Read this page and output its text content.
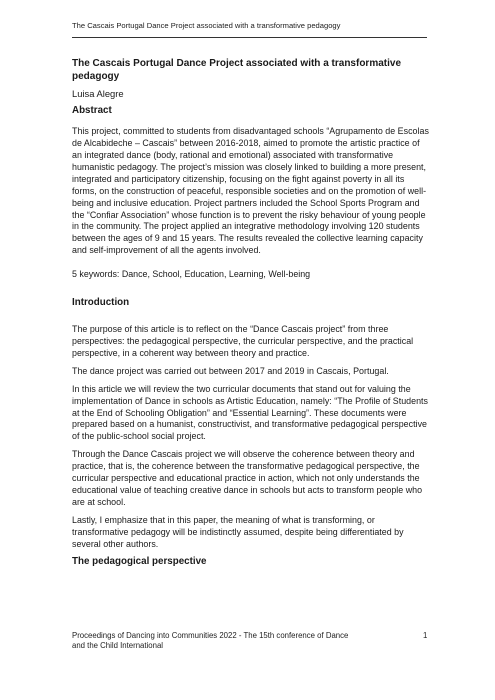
The Cascais Portugal Dance Project associated with a transformative pedagogy
The Cascais Portugal Dance Project associated with a transformative pedagogy
Luisa Alegre
Abstract
This project, committed to students from disadvantaged schools “Agrupamento de Escolas de Alcabideche – Cascais” between 2016-2018, aimed to promote the artistic practice of an integrated dance (body, rational and emotional) associated with transformative humanistic pedagogy. The project’s mission was closely linked to building a more present, integrated and participatory citizenship, focusing on the fight against poverty in all its forms, on the construction of peaceful, responsible societies and on the promotion of well-being and inclusive education. Project partners included the School Sports Program and the “Confiar Association” whose function is to prevent the risky behaviour of young people in the community. The project applied an integrative methodology involving 120 students between the ages of 9 and 15 years. The results revealed the collective learning capacity and self-improvement of all the agents involved.
5 keywords: Dance, School, Education, Learning, Well-being
Introduction
The purpose of this article is to reflect on the “Dance Cascais project” from three perspectives: the pedagogical perspective, the curricular perspective, and the practical perspective, in a coherent way between theory and practice.
The dance project was carried out between 2017 and 2019 in Cascais, Portugal.
In this article we will review the two curricular documents that stand out for valuing the implementation of Dance in schools as Artistic Education, namely: “The Profile of Students at the End of Schooling Obligation” and “Essential Learning”. These documents were prepared based on a humanist, constructivist, and transformative pedagogical perspective of the public-school social project.
Through the Dance Cascais project we will observe the coherence between theory and practice, that is, the coherence between the transformative pedagogical perspective, the curricular perspective and educational practice in action, which not only understands the educational value of teaching creative dance in schools but acts to transform people who are at school.
Lastly, I emphasize that in this paper, the meaning of what is transforming, or transformative pedagogy will be indistinctly assumed, despite being differentiated by several other authors.
The pedagogical perspective
Proceedings of Dancing into Communities 2022 - The 15th conference of Dance and the Child International
1
